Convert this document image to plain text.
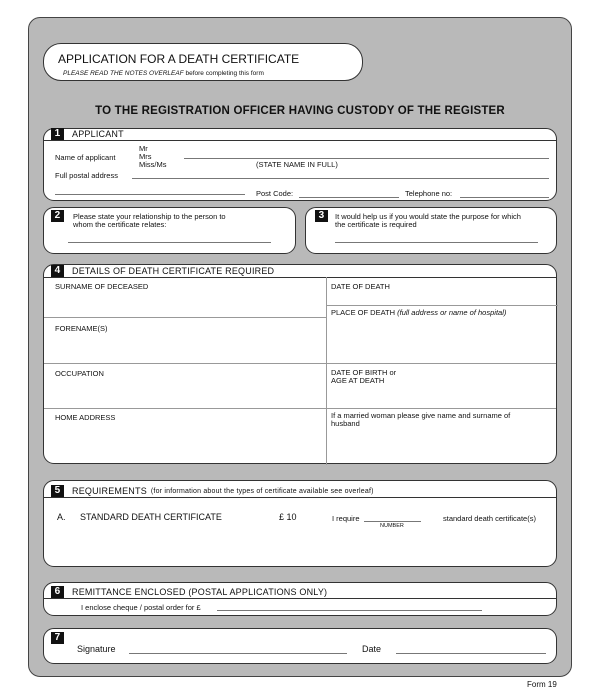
APPLICATION FOR A DEATH CERTIFICATE
PLEASE READ THE NOTES OVERLEAF before completing this form
TO THE REGISTRATION OFFICER HAVING CUSTODY OF THE REGISTER
1	APPLICANT
Name of applicant
Mr
Mrs
Miss/Ms	(STATE NAME IN FULL)
Full postal address
Post Code:	Telephone no:
2	Please state your relationship to the person to
whom the certificate relates:
3	It would help us if you would state the purpose for which
the certificate is required
4	DETAILS OF DEATH CERTIFICATE REQUIRED
SURNAME OF DECEASED	DATE OF DEATH
PLACE OF DEATH (full address or name of hospital)
FORENAME(S)
OCCUPATION	DATE OF BIRTH or
AGE AT DEATH
HOME ADDRESS	If a married woman please give name and surname of
husband
5	REQUIREMENTS (for information about the types of certificate available see overleaf)
A. STANDARD DEATH CERTIFICATE	£ 10	I require
NUMBER
standard death certificate(s)
6	REMITTANCE ENCLOSED (POSTAL APPLICATIONS ONLY)
I enclose cheque / postal order for £
7
Signature	Date
Form 19
